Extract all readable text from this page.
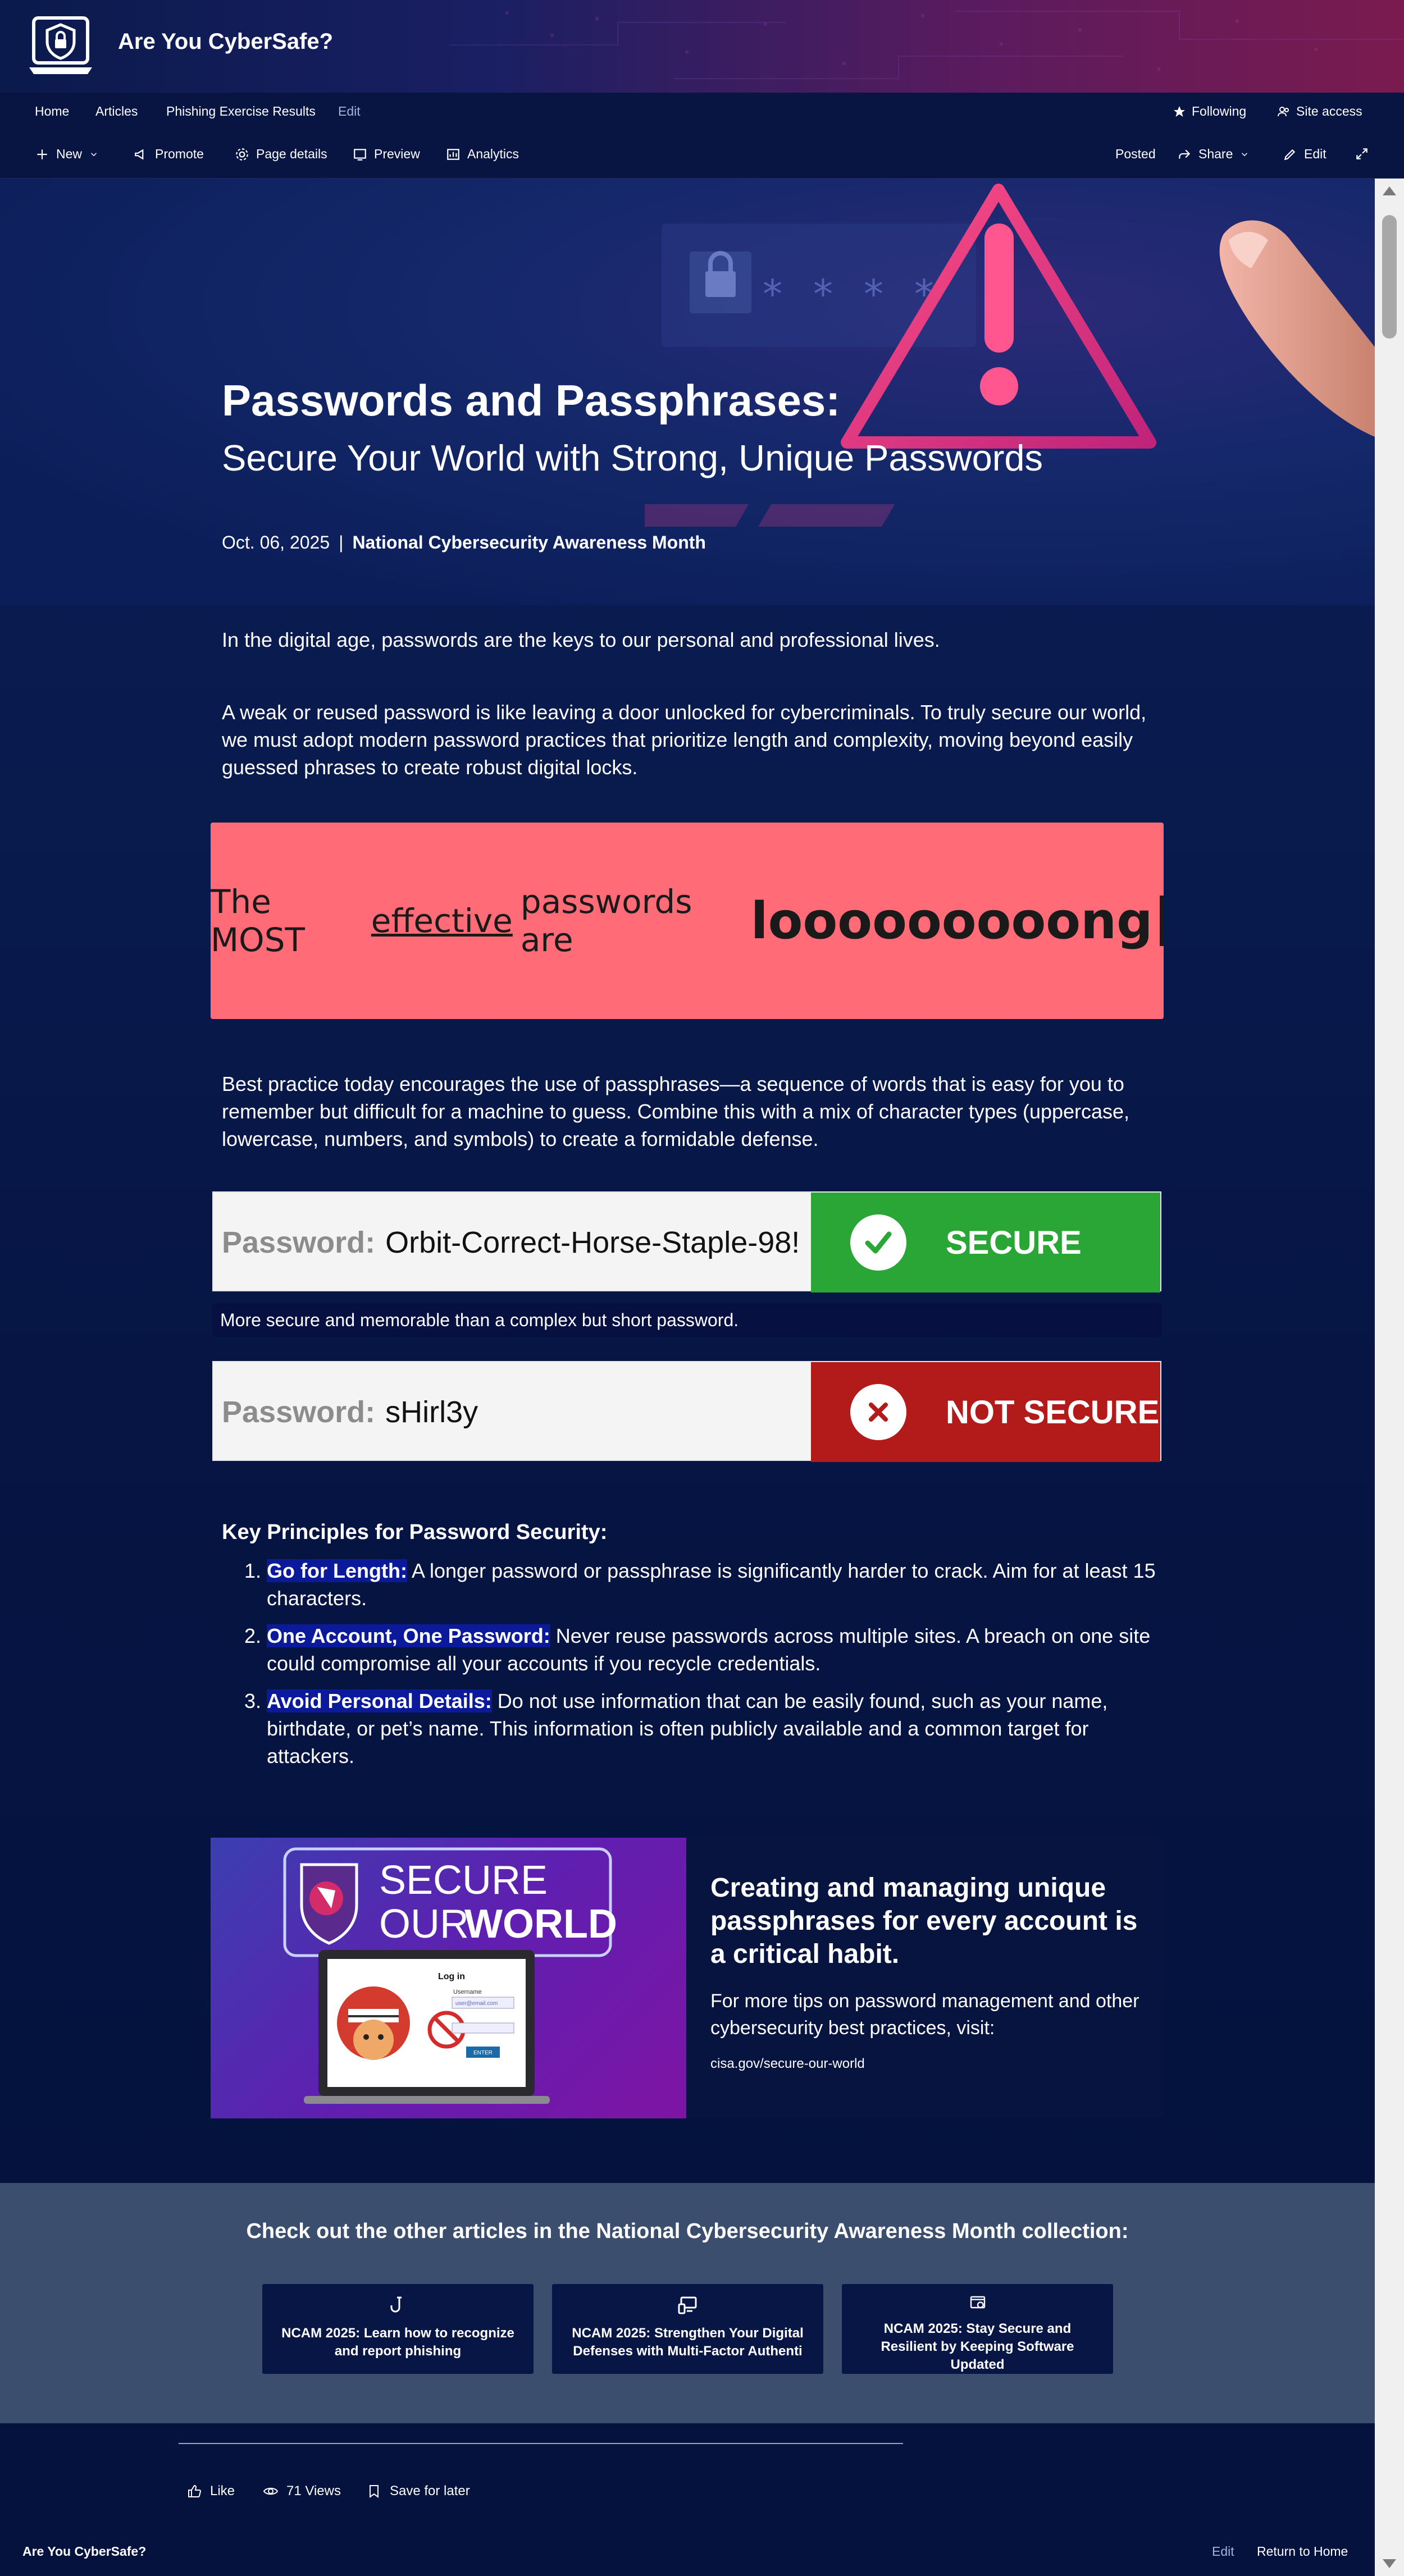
Are You CyberSafe?
Home Articles Phishing Exercise Results Edit	Following	Site access
New	Promote	Page details	Preview	Analytics	Posted	Share	Edit
* * * *
Passwords and Passphrases:
Secure Your World with Strong, Unique Passwords
Oct. 06, 2025 | National Cybersecurity Awareness Month
In the digital age, passwords are the keys to our personal and professional lives.
A weak or reused password is like leaving a door unlocked for cybercriminals. To truly secure our world, we must adopt modern password practices that prioritize length and complexity, moving beyond easily guessed phrases to create robust digital locks.
The MOST	effective passwords are	looooooooong
Best practice today encourages the use of passphrases—a sequence of words that is easy for you to remember but difficult for a machine to guess. Combine this with a mix of character types (uppercase, lowercase, numbers, and symbols) to create a formidable defense.
Password: Orbit-Correct-Horse-Staple-98!	SECURE
More secure and memorable than a complex but short password.
Password: sHirl3y	NOT SECURE
Key Principles for Password Security:
1. Go for Length: A longer password or passphrase is significantly harder to crack. Aim for at least 15 characters.
2. One Account, One Password: Never reuse passwords across multiple sites. A breach on one site could compromise all your accounts if you recycle credentials.
3. Avoid Personal Details: Do not use information that can be easily found, such as your name, birthdate, or pet’s name. This information is often publicly available and a common target for attackers.
SECURE
OUR
WORLD
Log in
Username
user@email.com
ENTER
Creating and managing unique passphrases for every account is a critical habit.
For more tips on password management and other cybersecurity best practices, visit:
cisa.gov/secure-our-world
Check out the other articles in the National Cybersecurity Awareness Month collection:
NCAM 2025: Learn how to recognize and report phishing
NCAM 2025: Strengthen Your Digital Defenses with Multi-Factor Authenti
NCAM 2025: Stay Secure and Resilient by Keeping Software Updated
Like	71 Views	Save for later
Are You CyberSafe?	Edit Return to Home
